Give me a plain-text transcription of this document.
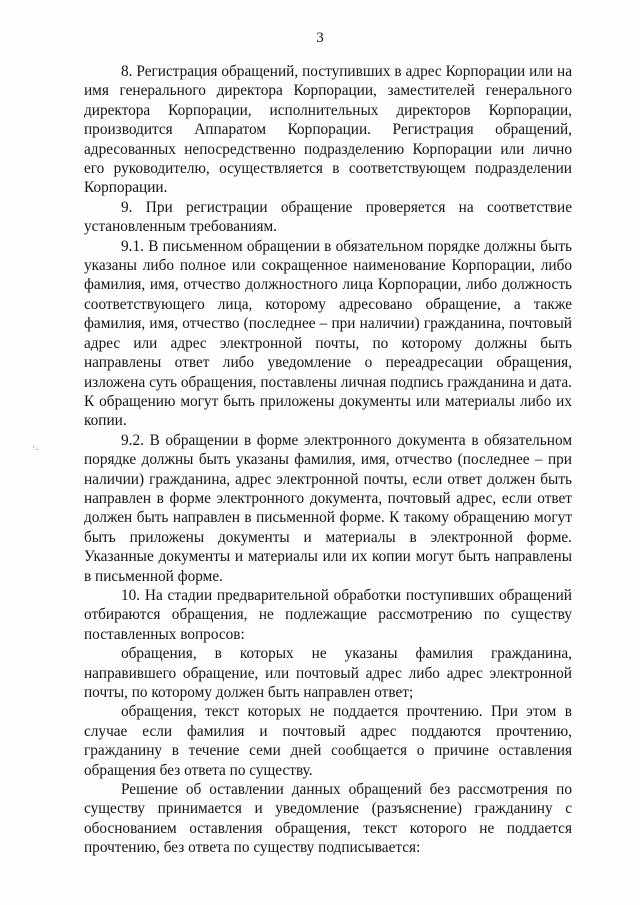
3
·.

8. Регистрация обращений, поступивших в адрес Корпорации или на имя генерального директора Корпорации, заместителей генерального директора Корпорации, исполнительных директоров Корпорации, производится Аппаратом Корпорации. Регистрация обращений, адресованных непосредственно подразделению Корпорации или лично его руководителю, осуществляется в соответствующем подразделении Корпорации.

9. При регистрации обращение проверяется на соответствие установленным требованиям.

9.1. В письменном обращении в обязательном порядке должны быть указаны либо полное или сокращенное наименование Корпорации, либо фамилия, имя, отчество должностного лица Корпорации, либо должность соответствующего лица, которому адресовано обращение, а также фамилия, имя, отчество (последнее – при наличии) гражданина, почтовый адрес или адрес электронной почты, по которому должны быть направлены ответ либо уведомление о переадресации обращения, изложена суть обращения, поставлены личная подпись гражданина и дата. К обращению могут быть приложены документы или материалы либо их копии.

9.2. В обращении в форме электронного документа в обязательном порядке должны быть указаны фамилия, имя, отчество (последнее – при наличии) гражданина, адрес электронной почты, если ответ должен быть направлен в форме электронного документа, почтовый адрес, если ответ должен быть направлен в письменной форме. К такому обращению могут быть приложены документы и материалы в электронной форме. Указанные документы и материалы или их копии могут быть направлены в письменной форме.

10. На стадии предварительной обработки поступивших обращений отбираются обращения, не подлежащие рассмотрению по существу поставленных вопросов:

обращения, в которых не указаны фамилия гражданина, направившего обращение, или почтовый адрес либо адрес электронной почты, по которому должен быть направлен ответ;

обращения, текст которых не поддается прочтению. При этом в случае если фамилия и почтовый адрес поддаются прочтению, гражданину в течение семи дней сообщается о причине оставления обращения без ответа по существу.

Решение об оставлении данных обращений без рассмотрения по существу принимается и уведомление (разъяснение) гражданину с обоснованием оставления обращения, текст которого не поддается прочтению, без ответа по существу подписывается:
